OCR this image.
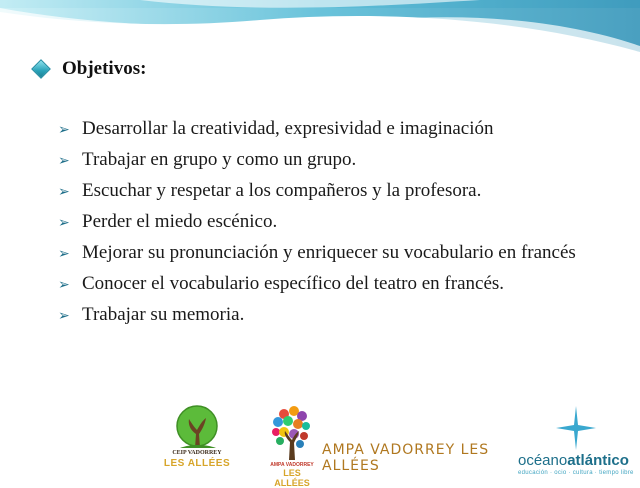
Objetivos:
➢ Desarrollar la creatividad, expresividad e imaginación
➢ Trabajar en grupo y como un grupo.
➢ Escuchar y respetar a los compañeros y la profesora.
➢ Perder el miedo escénico.
➢ Mejorar su pronunciación y enriquecer su vocabulario en francés
➢ Conocer el vocabulario específico del teatro en francés.
➢ Trabajar su memoria.
CEIP VADORREY
LES ALLÉES	AMPA VADORREY
LES ALLÉES
AMPA VADORREY LES ALLÉES	océanoatlántico
educación · ocio · cultura · tiempo libre
